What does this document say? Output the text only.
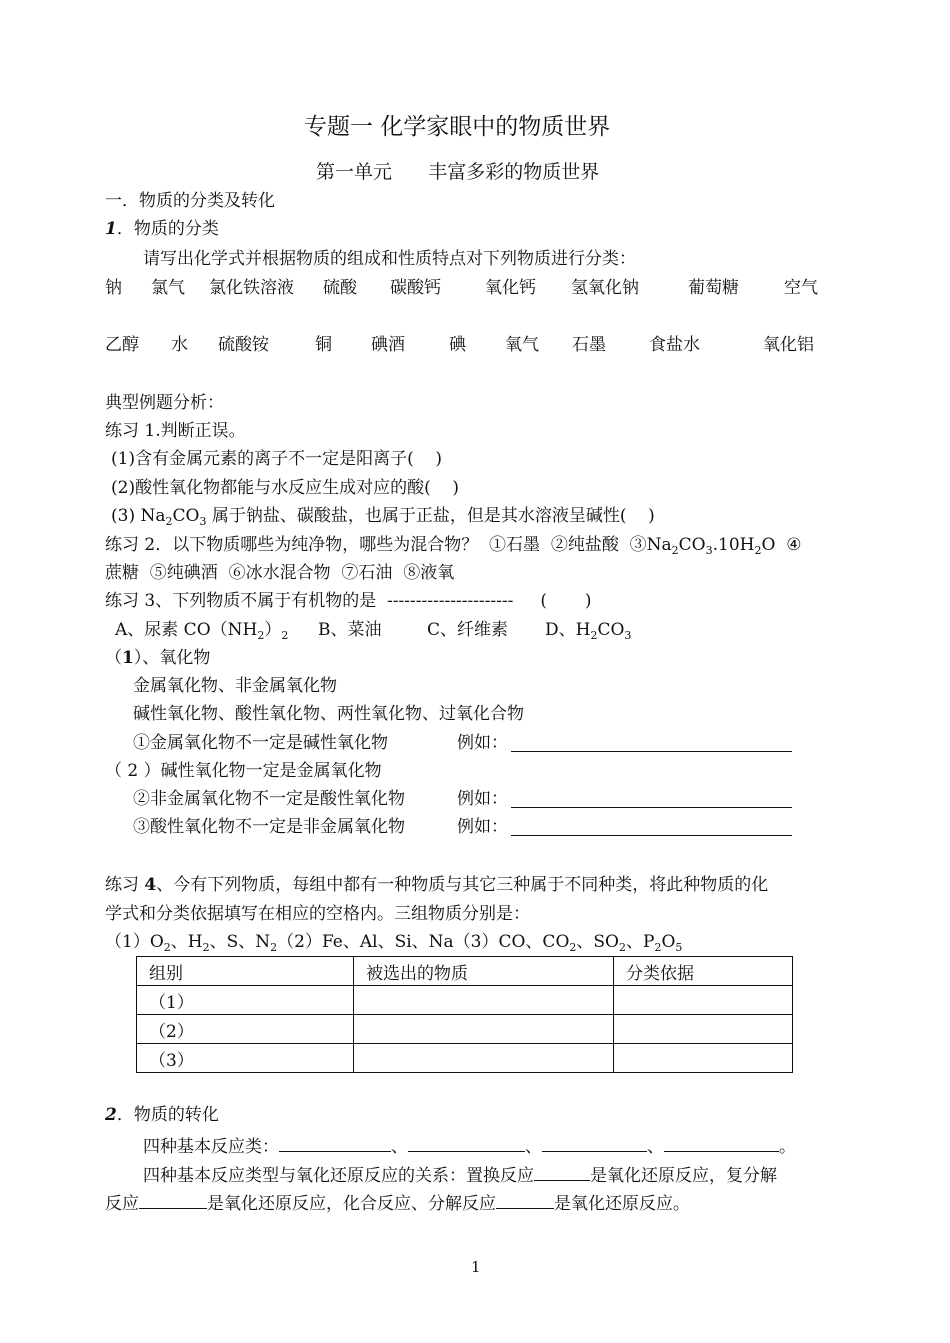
专题一 化学家眼中的物质世界
第一单元      丰富多彩的物质世界
一．物质的分类及转化
1．物质的分类
请写出化学式并根据物质的组成和性质特点对下列物质进行分类：
钠 氯气 氯化铁溶液 硫酸 碳酸钙	氧化钙 氢氧化钠	葡萄糖	空气
乙醇 水 硫酸铵	铜 碘酒	碘 氧气 石墨	食盐水	氧化铝
典型例题分析：
练习 1.判断正误。
(1)含有金属元素的离子不一定是阳离子(    )
(2)酸性氧化物都能与水反应生成对应的酸(    )
(3) $Na_2CO_3$ 属于钠盐、碳酸盐，也属于正盐，但是其水溶液呈碱性(    )
练习 2．以下物质哪些为纯净物，哪些为混合物？  ①石墨  ②纯盐酸  $③Na_2CO_3.10H_2O$  ④
蔗糖  ⑤纯碘酒  ⑥冰水混合物  ⑦石油  ⑧液氧
练习 3、下列物质不属于有机物的是  ----------------------     (       )
A、尿素 $CO(NH_2)_2$ B、菜油	C、纤维素 D、$H_2CO_3$
（1）、氧化物
金属氧化物、非金属氧化物
碱性氧化物、酸性氧化物、两性氧化物、过氧化合物
①金属氧化物不一定是碱性氧化物	例如：
（ 2 ）碱性氧化物一定是金属氧化物
②非金属氧化物不一定是酸性氧化物	例如：
③酸性氧化物不一定是非金属氧化物	例如：
练习 4、今有下列物质，每组中都有一种物质与其它三种属于不同种类，将此种物质的化
学式和分类依据填写在相应的空格内。三组物质分别是：
$(1)O_2$、$H_2$、S、$N_2(2)Fe$、Al、Si、Na（3）CO、$CO_2$、$SO_2$、$P_2O_5$
组别	被选出的物质	分类依据
（1）		
（2）		
（3）		
2．物质的转化
四种基本反应类：	、	、	、	。
四种基本反应类型与氧化还原反应的关系：置换反应	是氧化还原反应，复分解
反应	是氧化还原反应，化合反应、分解反应	是氧化还原反应。
1
